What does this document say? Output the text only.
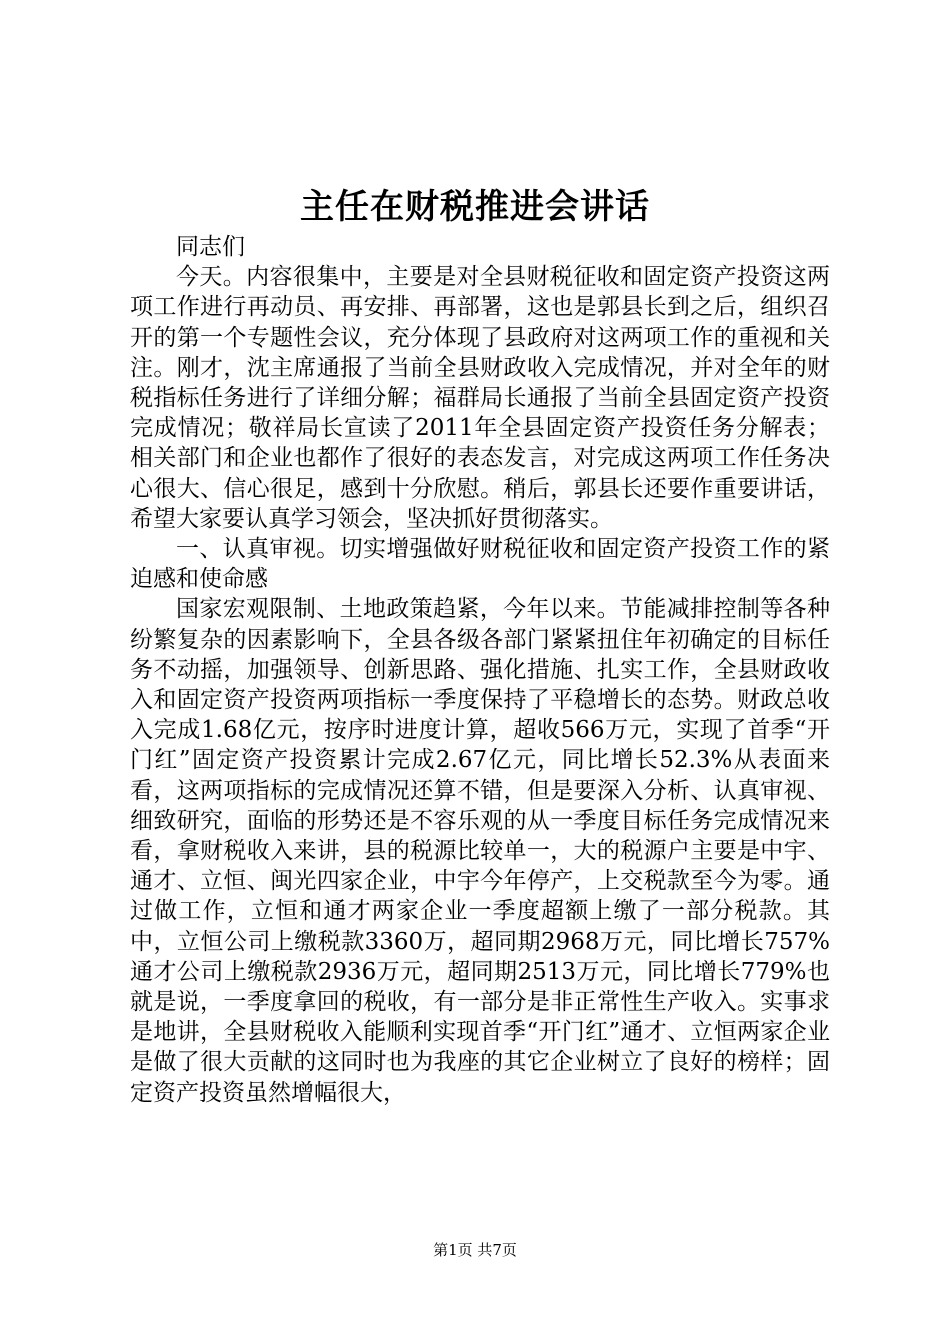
主任在财税推进会讲话

同志们

今天。内容很集中，主要是对全县财税征收和固定资产投资这两项工作进行再动员、再安排、再部署，这也是郭县长到之后，组织召开的第一个专题性会议，充分体现了县政府对这两项工作的重视和关注。刚才，沈主席通报了当前全县财政收入完成情况，并对全年的财税指标任务进行了详细分解；福群局长通报了当前全县固定资产投资完成情况；敬祥局长宣读了2011年全县固定资产投资任务分解表；相关部门和企业也都作了很好的表态发言，对完成这两项工作任务决心很大、信心很足，感到十分欣慰。稍后，郭县长还要作重要讲话，希望大家要认真学习领会，坚决抓好贯彻落实。

一、认真审视。切实增强做好财税征收和固定资产投资工作的紧迫感和使命感

国家宏观限制、土地政策趋紧，今年以来。节能减排控制等各种纷繁复杂的因素影响下，全县各级各部门紧紧扭住年初确定的目标任务不动摇，加强领导、创新思路、强化措施、扎实工作，全县财政收入和固定资产投资两项指标一季度保持了平稳增长的态势。财政总收入完成1.68亿元，按序时进度计算，超收566万元，实现了首季“开门红”固定资产投资累计完成2.67亿元，同比增长52.3%从表面来看，这两项指标的完成情况还算不错，但是要深入分析、认真审视、细致研究，面临的形势还是不容乐观的从一季度目标任务完成情况来看，拿财税收入来讲，县的税源比较单一，大的税源户主要是中宇、通才、立恒、闽光四家企业，中宇今年停产，上交税款至今为零。通过做工作，立恒和通才两家企业一季度超额上缴了一部分税款。其中，立恒公司上缴税款3360万，超同期2968万元，同比增长757%通才公司上缴税款2936万元，超同期2513万元，同比增长779%也就是说，一季度拿回的税收，有一部分是非正常性生产收入。实事求是地讲，全县财税收入能顺利实现首季“开门红”通才、立恒两家企业是做了很大贡献的这同时也为我座的其它企业树立了良好的榜样；固定资产投资虽然增幅很大，

第1页 共7页
